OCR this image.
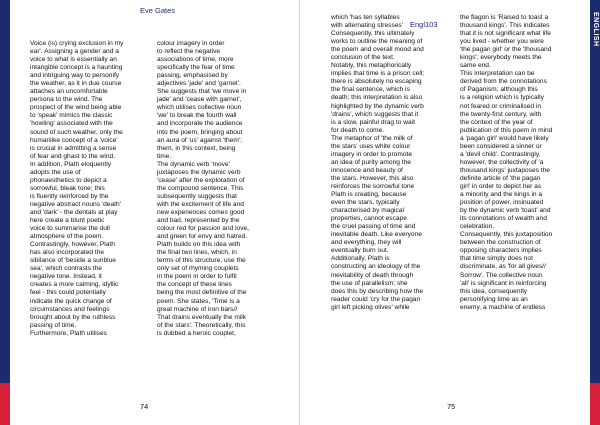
Eve Gates

Voice (is) crying exclusion in my

ear'. Assigning a gender and a

voice to what is essentially an

intangible concept is a haunting

and intriguing way to personify

the weather, as it in due course

attaches an uncomfortable

persona to the wind. The

prospect of the wind being able

to 'speak' mimics the classic

'howling' associated with the

sound of such weather, only the

humanlike concept of a 'voice'

is crucial in admitting a sense

of fear and ghast to the wind.

In addition, Plath eloquently

adopts the use of

phonaesthetics to depict a

sorrowful, bleak tone; this

is fluently reinforced by the

negative abstract nouns 'death'

and 'dark' - the dentals at play

here create a blunt poetic

voice to summarise the dull

atmosphere of the poem.

Contrastingly, however, Plath

has also incorporated the

sibilance of 'beside a sunblue

sea', which contrasts the

negative tone. Instead, it

creates a more calming, idyllic

feel - this could potentially

indicate the quick change of

circumstances and feelings

brought about by the ruthless

passing of time.

Furthermore, Plath utilises

colour imagery in order

to reflect the negative

associations of time, more

specifically the fear of time

passing, emphasised by

adjectives 'jade' and 'garnet'.

She suggests that 'we move in

jade' and 'cease with garnet',

which utilises collective noun

'we' to break the fourth wall

and incorporate the audience

into the poem, bringing about

an aura of 'us' against 'them';

them, in this context, being

time.

The dynamic verb 'move'

juxtaposes the dynamic verb

'cease' after the exploration of

the compound sentence. This

subsequently suggests that

with the excitement of life and

new experiences comes good

and bad, represented by the

colour red for passion and love,

and green for envy and hatred.

Plath builds on this idea with

the final two lines, which, in

terms of this structure, use the

only set of rhyming couplets

in the poem in order to fulfil

the concept of these lines

being the most definitive of the

poem. She states, 'Time is a

great machine of iron bars//

That drains eventually the milk

of the stars'. Theoretically, this

is dubbed a heroic couplet,

74
ENGLISH
Engl103

which 'has ten syllables

with alternating stresses'

Consequently, this ultimately

works to outline the meaning of

the poem and overall mood and

conclusion of the text.

Notably, this metaphorically

implies that time is a prison cell;

there is absolutely no escaping

the final sentence, which is

death; this interpretation is also

highlighted by the dynamic verb

'drains', which suggests that it

is a slow, painful drag to wait

for death to come.

The metaphor of 'the milk of

the stars' uses white colour

imagery in order to promote

an idea of purity among the

innocence and beauty of

the stars. However, this also

reinforces the sorrowful tone

Plath is creating, because

even the stars, typically

characterised by magical

properties, cannot escape

the cruel passing of time and

inevitable death. Like everyone

and everything, they will

eventually burn out.

Additionally, Plath is

constructing an ideology of the

inevitability of death through

the use of parallelism; she

does this by describing how the

reader could 'cry for the pagan

girl left picking olives' while

the flagon is 'Raised to toast a

thousand kings'. This indicates

that it is not significant what life

you lived - whether you were

'the pagan girl' or the 'thousand

kings'; everybody meets the

same end.

This interpretation can be

derived from the connotations

of Paganism; although this

is a religion which is typically

not feared or criminalised in

the twenty-first century, with

the context of the year of

publication of this poem in mind

a 'pagan girl' would have likely

been considered a sinner or

a 'devil child'. Contrastingly,

however, the collectivity of 'a

thousand kings' juxtaposes the

definite article of 'the pagan

girl' in order to depict her as

a minority and the kings in a

position of power, insinuated

by the dynamic verb 'toast' and

its connotations of wealth and

celebration.

Consequently, this juxtaposition

between the construction of

opposing characters implies

that time simply does not

discriminate, as 'for all gives//

Sorrow'. The collective noun

'all' is significant in reinforcing

this idea, consequently

personifying time as an

enemy, a machine of endless

75
